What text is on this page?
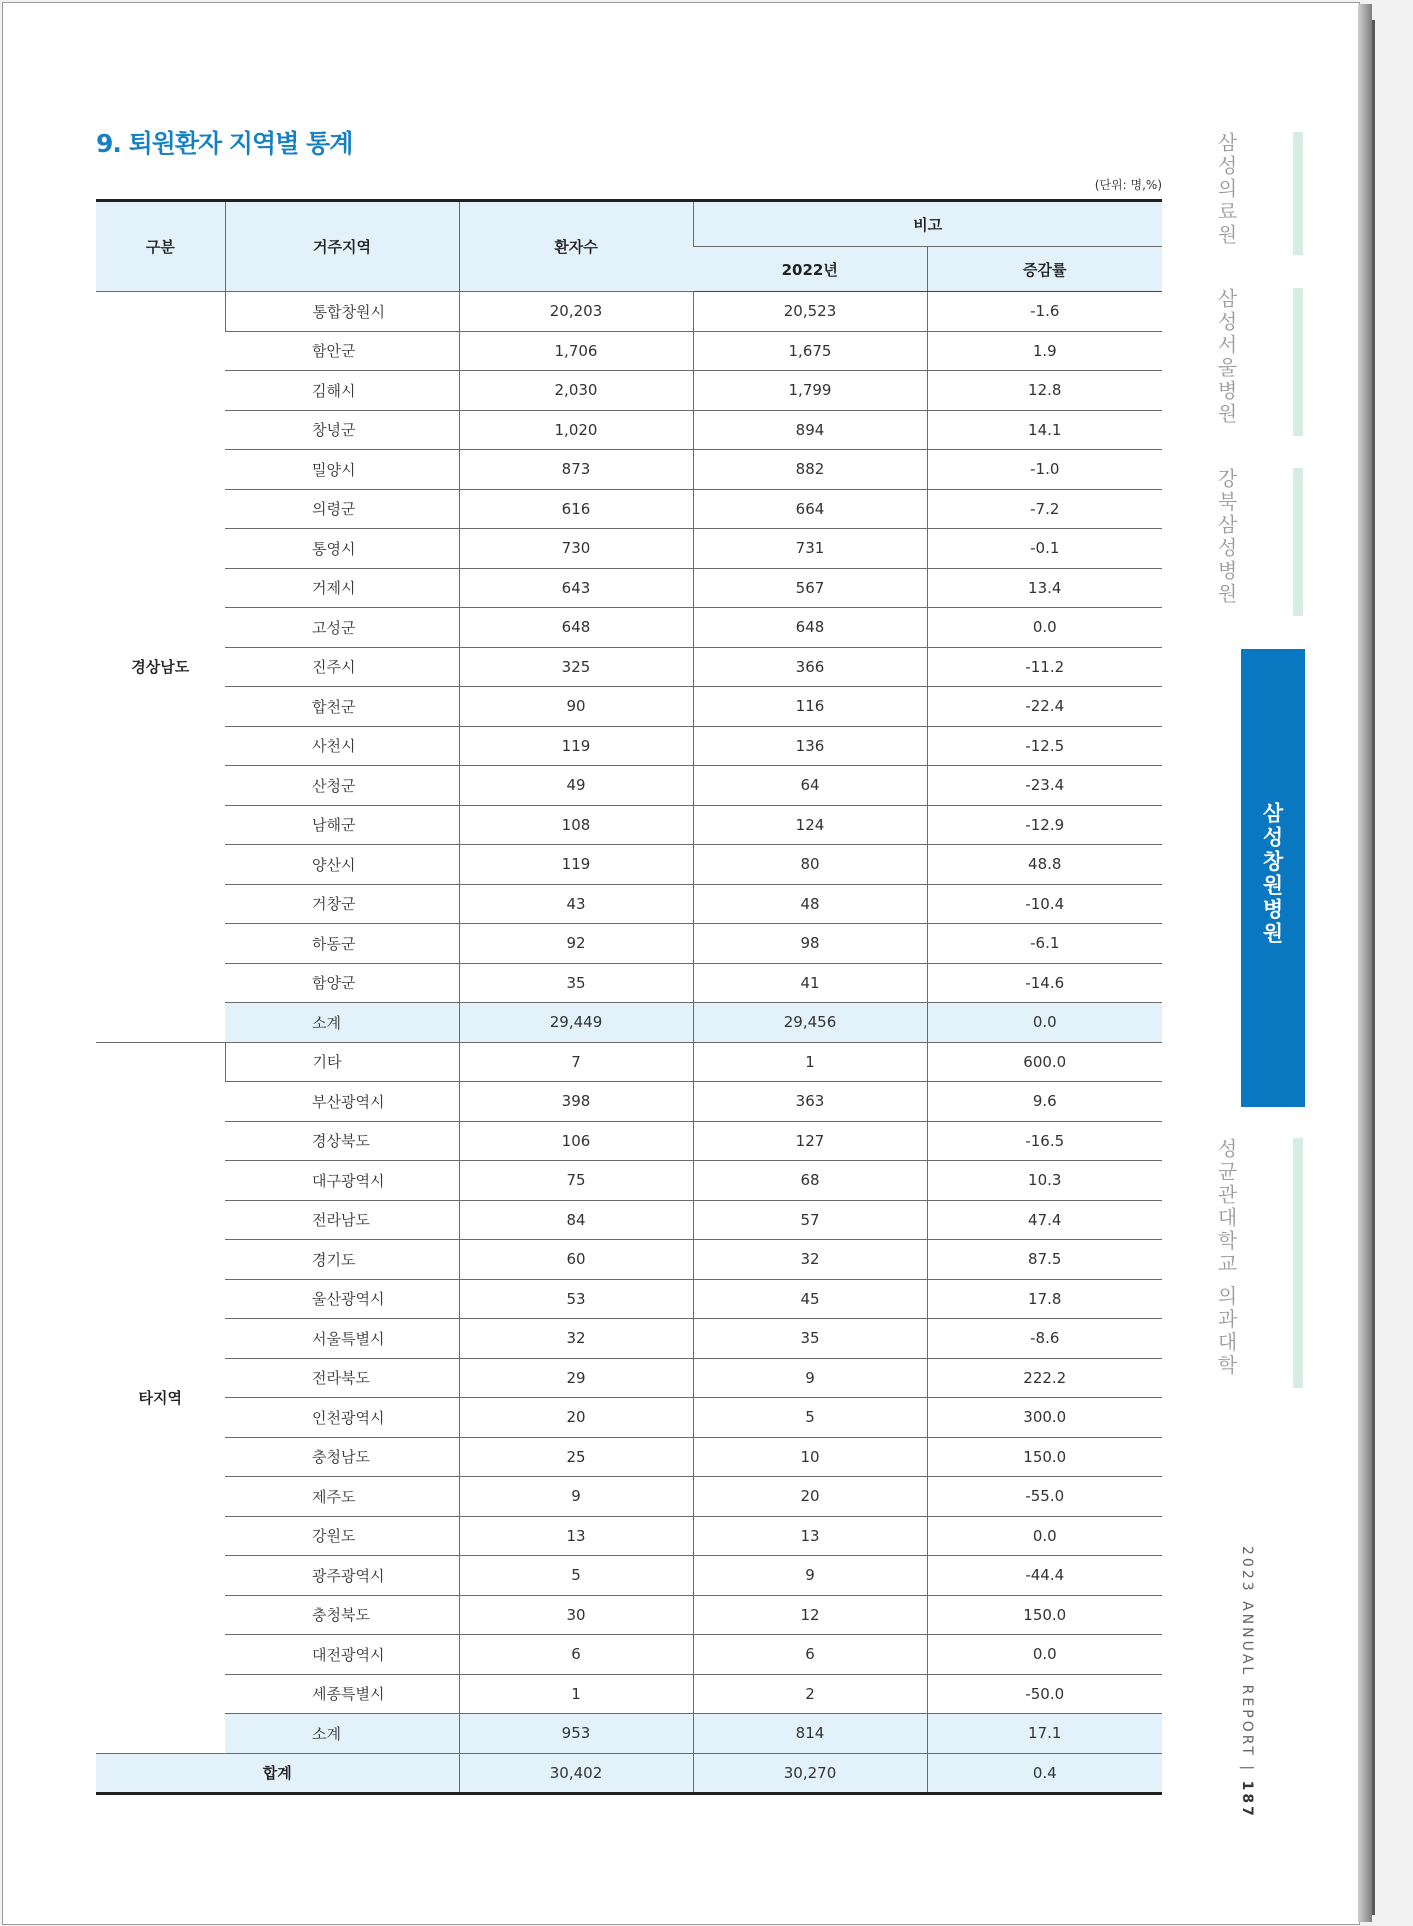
9. 퇴원환자 지역별 통계
(단위: 명,%)
구분	거주지역	환자수	비고	
			2022년	증감률
경상남도	통합창원시	20,203	20,523	-1.6
	함안군	1,706	1,675	1.9
	김해시	2,030	1,799	12.8
	창녕군	1,020	894	14.1
	밀양시	873	882	-1.0
	의령군	616	664	-7.2
	통영시	730	731	-0.1
	거제시	643	567	13.4
	고성군	648	648	0.0
	진주시	325	366	-11.2
	합천군	90	116	-22.4
	사천시	119	136	-12.5
	산청군	49	64	-23.4
	남해군	108	124	-12.9
	양산시	119	80	48.8
	거창군	43	48	-10.4
	하동군	92	98	-6.1
	함양군	35	41	-14.6
	소계	29,449	29,456	0.0
타지역	기타	7	1	600.0
	부산광역시	398	363	9.6
	경상북도	106	127	-16.5
	대구광역시	75	68	10.3
	전라남도	84	57	47.4
	경기도	60	32	87.5
	울산광역시	53	45	17.8
	서울특별시	32	35	-8.6
	전라북도	29	9	222.2
	인천광역시	20	5	300.0
	충청남도	25	10	150.0
	제주도	9	20	-55.0
	강원도	13	13	0.0
	광주광역시	5	9	-44.4
	충청북도	30	12	150.0
	대전광역시	6	6	0.0
	세종특별시	1	2	-50.0
	소계	953	814	17.1
합계		30,402	30,270	0.4
삼성의료원
삼성서울병원
강북삼성병원
삼성창원병원
성균관대학교 의과대학
2023 ANNUAL REPORT | 187
